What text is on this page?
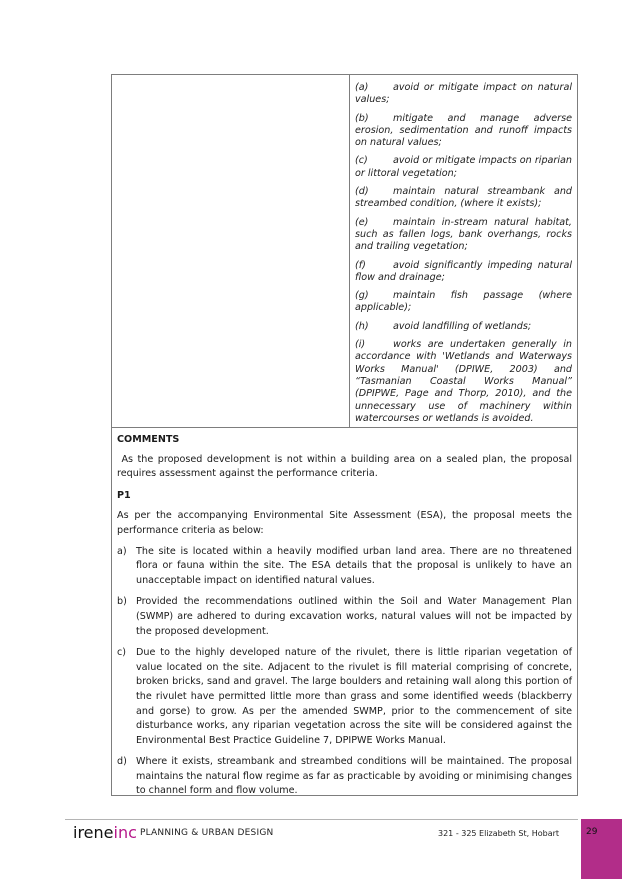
(a)	avoid or mitigate impact on natural values;

(b)	mitigate and manage adverse erosion, sedimentation and runoff impacts on natural values;

(c)	avoid or mitigate impacts on riparian or littoral vegetation;

(d)	maintain natural streambank and streambed condition, (where it exists);

(e)	maintain in-stream natural habitat, such as fallen logs, bank overhangs, rocks and trailing vegetation;

(f)	avoid significantly impeding natural flow and drainage;

(g)	maintain fish passage (where applicable);

(h)	avoid landfilling of wetlands;

(i)	works are undertaken generally in accordance with 'Wetlands and Waterways Works Manual' (DPIWE, 2003) and “Tasmanian Coastal Works Manual” (DPIPWE, Page and Thorp, 2010), and the unnecessary use of machinery within watercourses or wetlands is avoided.

COMMENTS

As the proposed development is not within a building area on a sealed plan, the proposal requires assessment against the performance criteria.

P1

As per the accompanying Environmental Site Assessment (ESA), the proposal meets the performance criteria as below:

a) The site is located within a heavily modified urban land area. There are no threatened flora or fauna within the site. The ESA details that the proposal is unlikely to have an unacceptable impact on identified natural values.
b) Provided the recommendations outlined within the Soil and Water Management Plan (SWMP) are adhered to during excavation works, natural values will not be impacted by the proposed development.
c)	Due to the highly developed nature of the rivulet, there is little riparian vegetation of value located on the site. Adjacent to the rivulet is fill material comprising of concrete, broken bricks, sand and gravel. The large boulders and retaining wall along this portion of the rivulet have permitted little more than grass and some identified weeds (blackberry and gorse) to grow. As per the amended SWMP, prior to the commencement of site disturbance works, any riparian vegetation across the site will be considered against the Environmental Best Practice Guideline 7, DPIPWE Works Manual.
d) Where it exists, streambank and streambed conditions will be maintained. The proposal maintains the natural flow regime as far as practicable by avoiding or minimising changes to channel form and flow volume.
ireneinc PLANNING & URBAN DESIGN	321 - 325 Elizabeth St, Hobart	29
